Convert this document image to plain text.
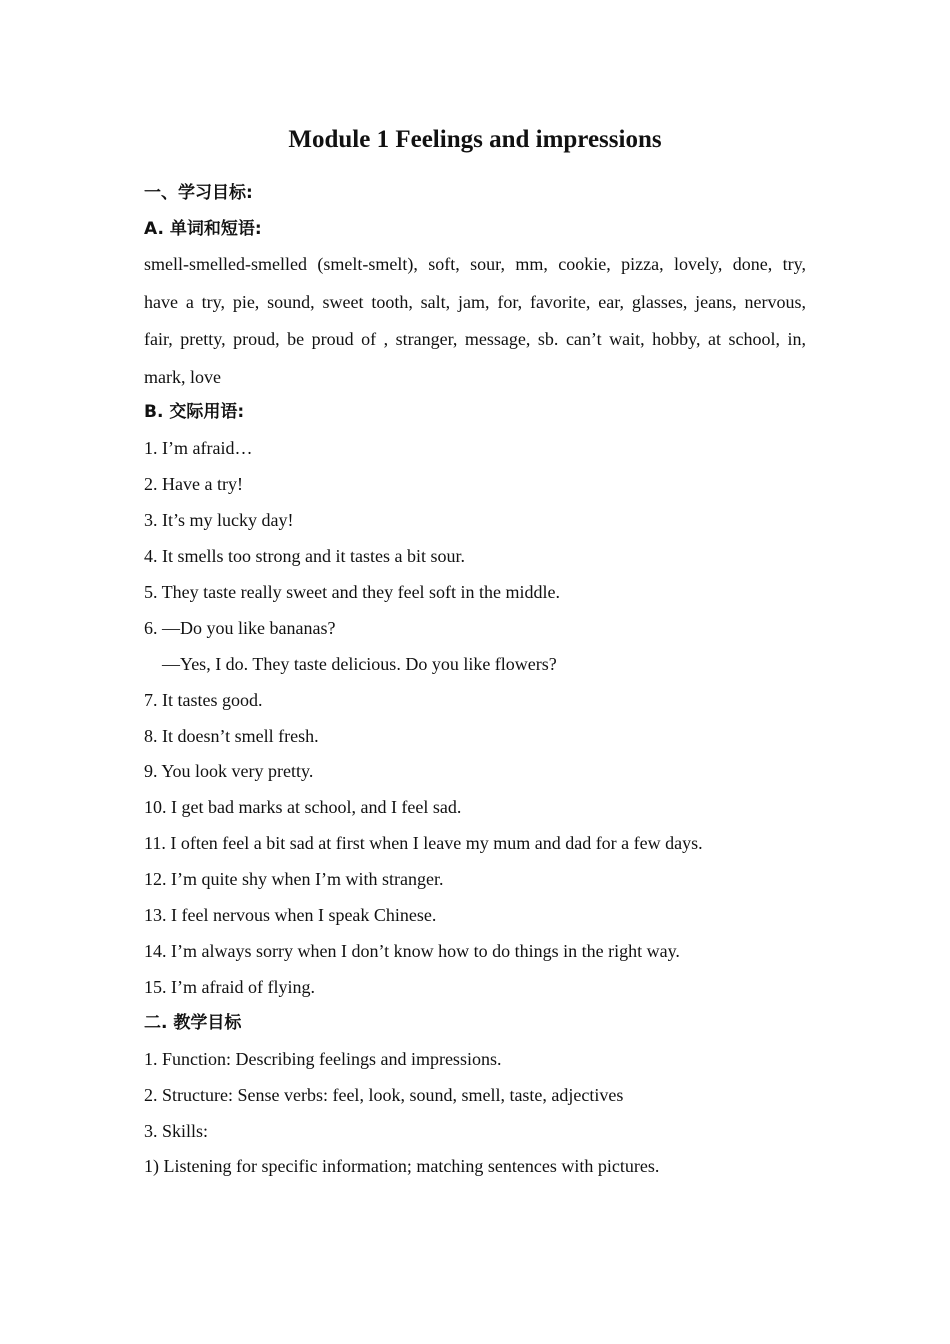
Module 1 Feelings and impressions
一、学习目标:
A. 单词和短语:
smell-smelled-smelled (smelt-smelt), soft, sour, mm, cookie, pizza, lovely, done, try,
have a try, pie, sound, sweet tooth, salt, jam, for, favorite, ear, glasses, jeans, nervous,
fair, pretty, proud, be proud of , stranger, message, sb. can’t wait, hobby, at school, in,
mark, love
B. 交际用语:
1. I’m afraid…
2. Have a try!
3. It’s my lucky day!
4. It smells too strong and it tastes a bit sour.
5. They taste really sweet and they feel soft in the middle.
6. —Do you like bananas?
—Yes, I do. They taste delicious. Do you like flowers?
7. It tastes good.
8. It doesn’t smell fresh.
9. You look very pretty.
10. I get bad marks at school, and I feel sad.
11. I often feel a bit sad at first when I leave my mum and dad for a few days.
12. I’m quite shy when I’m with stranger.
13. I feel nervous when I speak Chinese.
14. I’m always sorry when I don’t know how to do things in the right way.
15. I’m afraid of flying.
二. 教学目标
1. Function: Describing feelings and impressions.
2. Structure: Sense verbs: feel, look, sound, smell, taste, adjectives
3. Skills:
1) Listening for specific information; matching sentences with pictures.
